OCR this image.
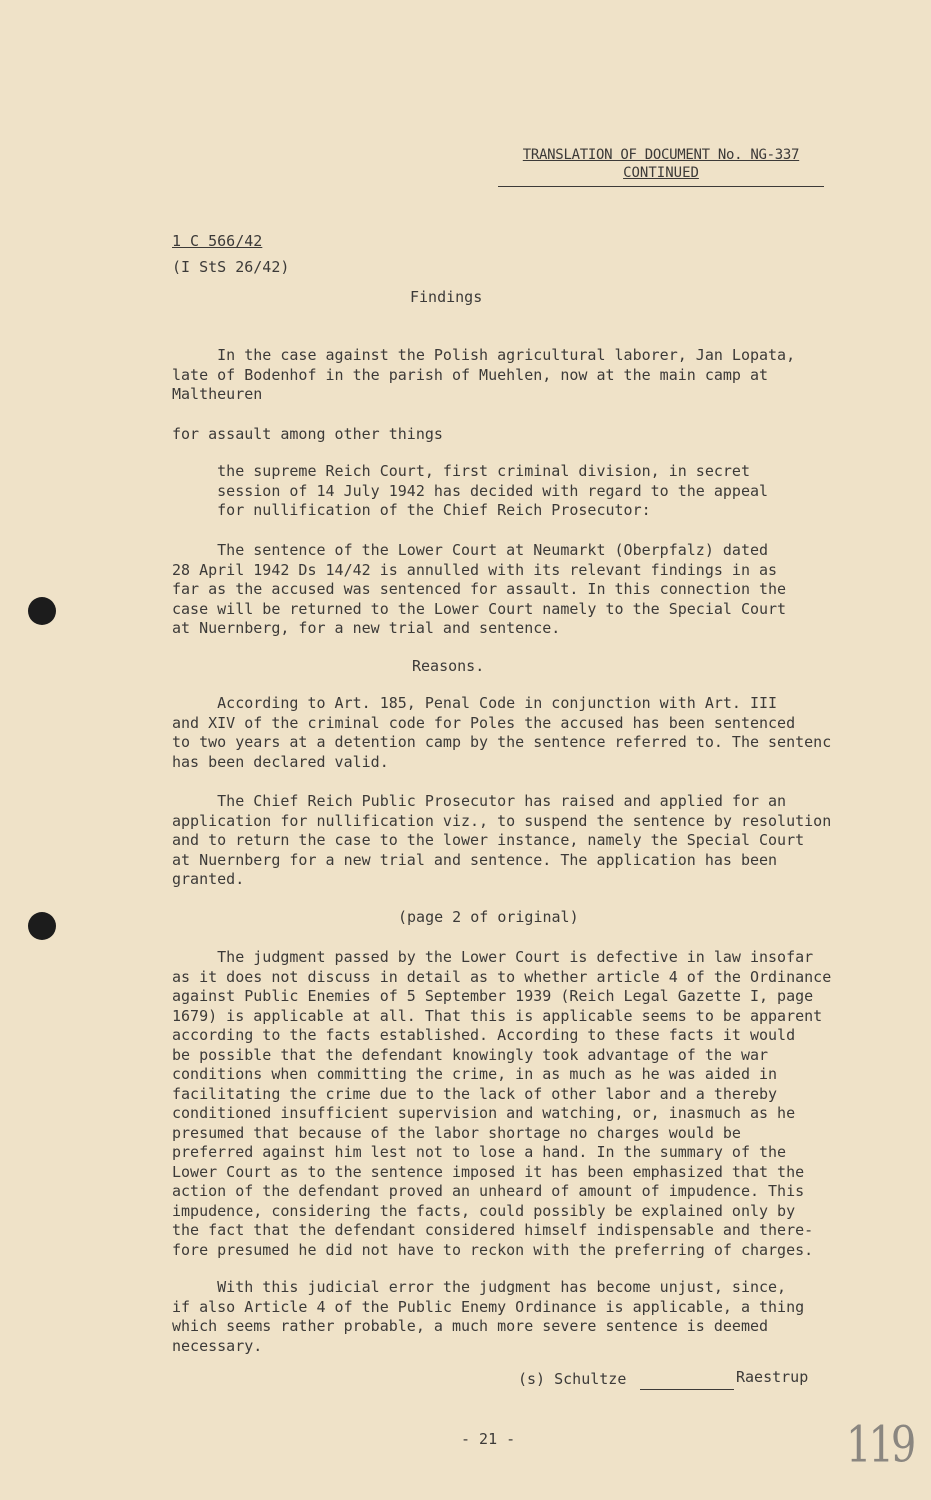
TRANSLATION OF DOCUMENT No. NG-337
CONTINUED
1 C 566/42
(I StS 26/42)
Findings
In the case against the Polish agricultural laborer, Jan Lopata,
late of Bodenhof in the parish of Muehlen, now at the main camp at
Maltheuren
for assault among other things
the supreme Reich Court, first criminal division, in secret
session of 14 July 1942 has decided with regard to the appeal
for nullification of the Chief Reich Prosecutor:
The sentence of the Lower Court at Neumarkt (Oberpfalz) dated
28 April 1942 Ds 14/42 is annulled with its relevant findings in as
far as the accused was sentenced for assault. In this connection the
case will be returned to the Lower Court namely to the Special Court
at Nuernberg, for a new trial and sentence.
Reasons.
According to Art. 185, Penal Code in conjunction with Art. III
and XIV of the criminal code for Poles the accused has been sentenced
to two years at a detention camp by the sentence referred to. The sentenc
has been declared valid.
The Chief Reich Public Prosecutor has raised and applied for an
application for nullification viz., to suspend the sentence by resolution
and to return the case to the lower instance, namely the Special Court
at Nuernberg for a new trial and sentence. The application has been
granted.
(page 2 of original)
The judgment passed by the Lower Court is defective in law insofar
as it does not discuss in detail as to whether article 4 of the Ordinance
against Public Enemies of 5 September 1939 (Reich Legal Gazette I, page
1679) is applicable at all. That this is applicable seems to be apparent
according to the facts established. According to these facts it would
be possible that the defendant knowingly took advantage of the war
conditions when committing the crime, in as much as he was aided in
facilitating the crime due to the lack of other labor and a thereby
conditioned insufficient supervision and watching, or, inasmuch as he
presumed that because of the labor shortage no charges would be
preferred against him lest not to lose a hand. In the summary of the
Lower Court as to the sentence imposed it has been emphasized that the
action of the defendant proved an unheard of amount of impudence. This
impudence, considering the facts, could possibly be explained only by
the fact that the defendant considered himself indispensable and there-
fore presumed he did not have to reckon with the preferring of charges.
With this judicial error the judgment has become unjust, since,
if also Article 4 of the Public Enemy Ordinance is applicable, a thing
which seems rather probable, a much more severe sentence is deemed
necessary.
(s) Schultze	Raestrup
- 21 -	119
